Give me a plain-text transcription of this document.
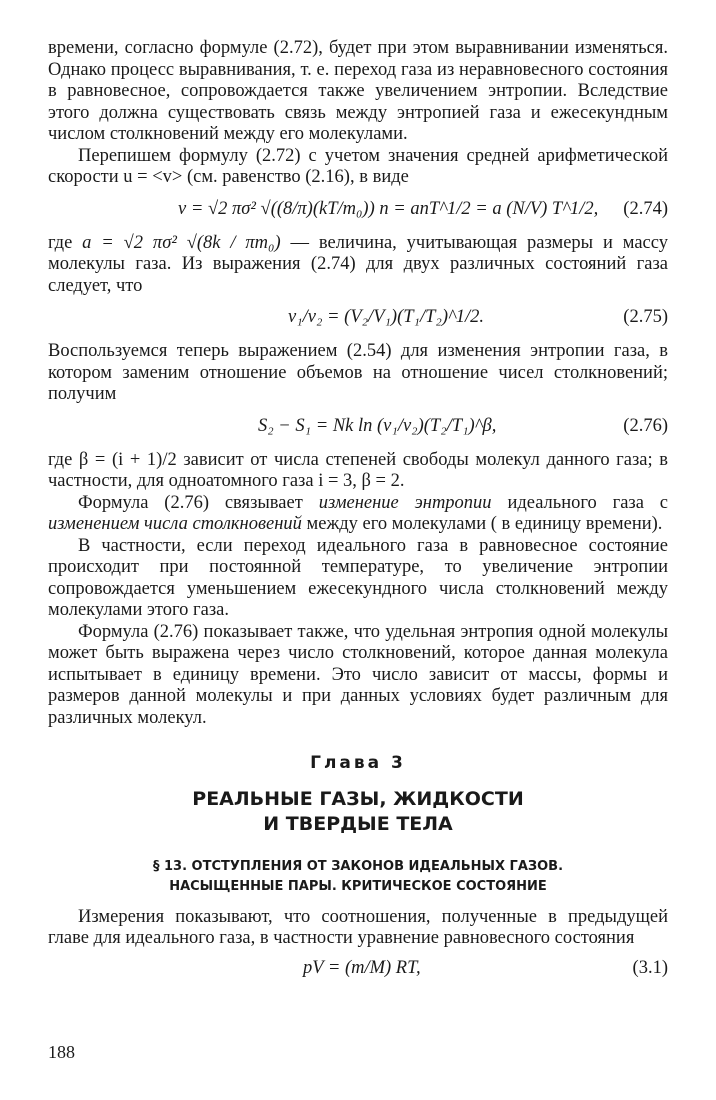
времени, согласно формуле (2.72), будет при этом выравнивании изменяться. Однако процесс выравнивания, т. е. переход газа из неравновесного состояния в равновесное, сопровождается также увеличением энтропии. Вследствие этого должна существовать связь между энтропией газа и ежесекундным числом столкновений между его молекулами.

Перепишем формулу (2.72) с учетом значения средней арифметической скорости u = <v> (см. равенство (2.16), в виде

ν = √2 πσ² √((8/π)(kT/m₀)) n = anT^1/2 = a (N/V) T^1/2, (2.74)

где a = √2 πσ² √(8k / πm₀) — величина, учитывающая размеры и массу молекулы газа. Из выражения (2.74) для двух различных состояний газа следует, что

ν₁/ν₂ = (V₂/V₁)(T₁/T₂)^1/2.	(2.75)

Воспользуемся теперь выражением (2.54) для изменения энтропии газа, в котором заменим отношение объемов на отношение чисел столкновений; получим

S₂ − S₁ = Nk ln (ν₁/ν₂)(T₂/T₁)^β,	(2.76)

где β = (i + 1)/2 зависит от числа степеней свободы молекул данного газа; в частности, для одноатомного газа i = 3, β = 2.

Формула (2.76) связывает изменение энтропии идеального газа с изменением числа столкновений между его молекулами ( в единицу времени).

В частности, если переход идеального газа в равновесное состояние происходит при постоянной температуре, то увеличение энтропии сопровождается уменьшением ежесекундного числа столкновений между молекулами этого газа.

Формула (2.76) показывает также, что удельная энтропия одной молекулы может быть выражена через число столкновений, которое данная молекула испытывает в единицу времени. Это число зависит от массы, формы и размеров данной молекулы и при данных условиях будет различным для различных молекул.

Глава 3
РЕАЛЬНЫЕ ГАЗЫ, ЖИДКОСТИ
И ТВЕРДЫЕ ТЕЛА
§ 13. ОТСТУПЛЕНИЯ ОТ ЗАКОНОВ ИДЕАЛЬНЫХ ГАЗОВ.
НАСЫЩЕННЫЕ ПАРЫ. КРИТИЧЕСКОЕ СОСТОЯНИЕ

Измерения показывают, что соотношения, полученные в предыдущей главе для идеального газа, в частности уравнение равновесного состояния

pV = (m/M) RT,	(3.1)
188
